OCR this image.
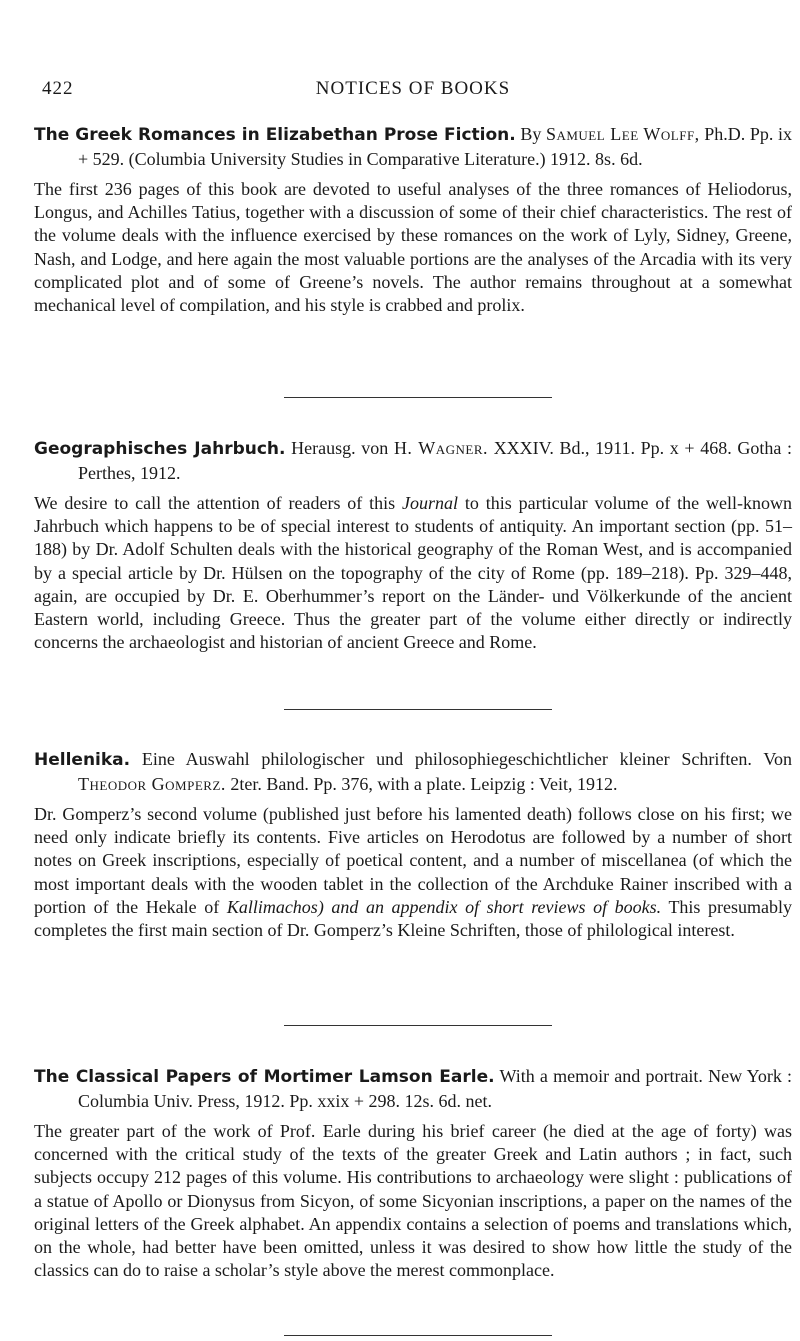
422	NOTICES OF BOOKS

The Greek Romances in Elizabethan Prose Fiction. By Samuel Lee Wolff, Ph.D. Pp. ix + 529. (Columbia University Studies in Comparative Literature.) 1912. 8s. 6d.

The first 236 pages of this book are devoted to useful analyses of the three romances of Heliodorus, Longus, and Achilles Tatius, together with a discussion of some of their chief characteristics. The rest of the volume deals with the influence exercised by these romances on the work of Lyly, Sidney, Greene, Nash, and Lodge, and here again the most valuable portions are the analyses of the Arcadia with its very complicated plot and of some of Greene’s novels. The author remains throughout at a somewhat mechanical level of compilation, and his style is crabbed and prolix.

Geographisches Jahrbuch. Herausg. von H. Wagner. XXXIV. Bd., 1911. Pp. x + 468. Gotha : Perthes, 1912.

We desire to call the attention of readers of this Journal to this particular volume of the well-known Jahrbuch which happens to be of special interest to students of antiquity. An important section (pp. 51–188) by Dr. Adolf Schulten deals with the historical geography of the Roman West, and is accompanied by a special article by Dr. Hülsen on the topography of the city of Rome (pp. 189–218). Pp. 329–448, again, are occupied by Dr. E. Oberhummer’s report on the Länder- und Völkerkunde of the ancient Eastern world, including Greece. Thus the greater part of the volume either directly or indirectly concerns the archaeologist and historian of ancient Greece and Rome.

Hellenika. Eine Auswahl philologischer und philosophiegeschichtlicher kleiner Schriften. Von Theodor Gomperz. 2ter. Band. Pp. 376, with a plate. Leipzig : Veit, 1912.

Dr. Gomperz’s second volume (published just before his lamented death) follows close on his first; we need only indicate briefly its contents. Five articles on Herodotus are followed by a number of short notes on Greek inscriptions, especially of poetical content, and a number of miscellanea (of which the most important deals with the wooden tablet in the collection of the Archduke Rainer inscribed with a portion of the Hekale of Kallimachos) and an appendix of short reviews of books. This presumably completes the first main section of Dr. Gomperz’s Kleine Schriften, those of philological interest.

The Classical Papers of Mortimer Lamson Earle. With a memoir and portrait. New York : Columbia Univ. Press, 1912. Pp. xxix + 298. 12s. 6d. net.

The greater part of the work of Prof. Earle during his brief career (he died at the age of forty) was concerned with the critical study of the texts of the greater Greek and Latin authors ; in fact, such subjects occupy 212 pages of this volume. His contributions to archaeology were slight : publications of a statue of Apollo or Dionysus from Sicyon, of some Sicyonian inscriptions, a paper on the names of the original letters of the Greek alphabet. An appendix contains a selection of poems and translations which, on the whole, had better have been omitted, unless it was desired to show how little the study of the classics can do to raise a scholar’s style above the merest commonplace.
